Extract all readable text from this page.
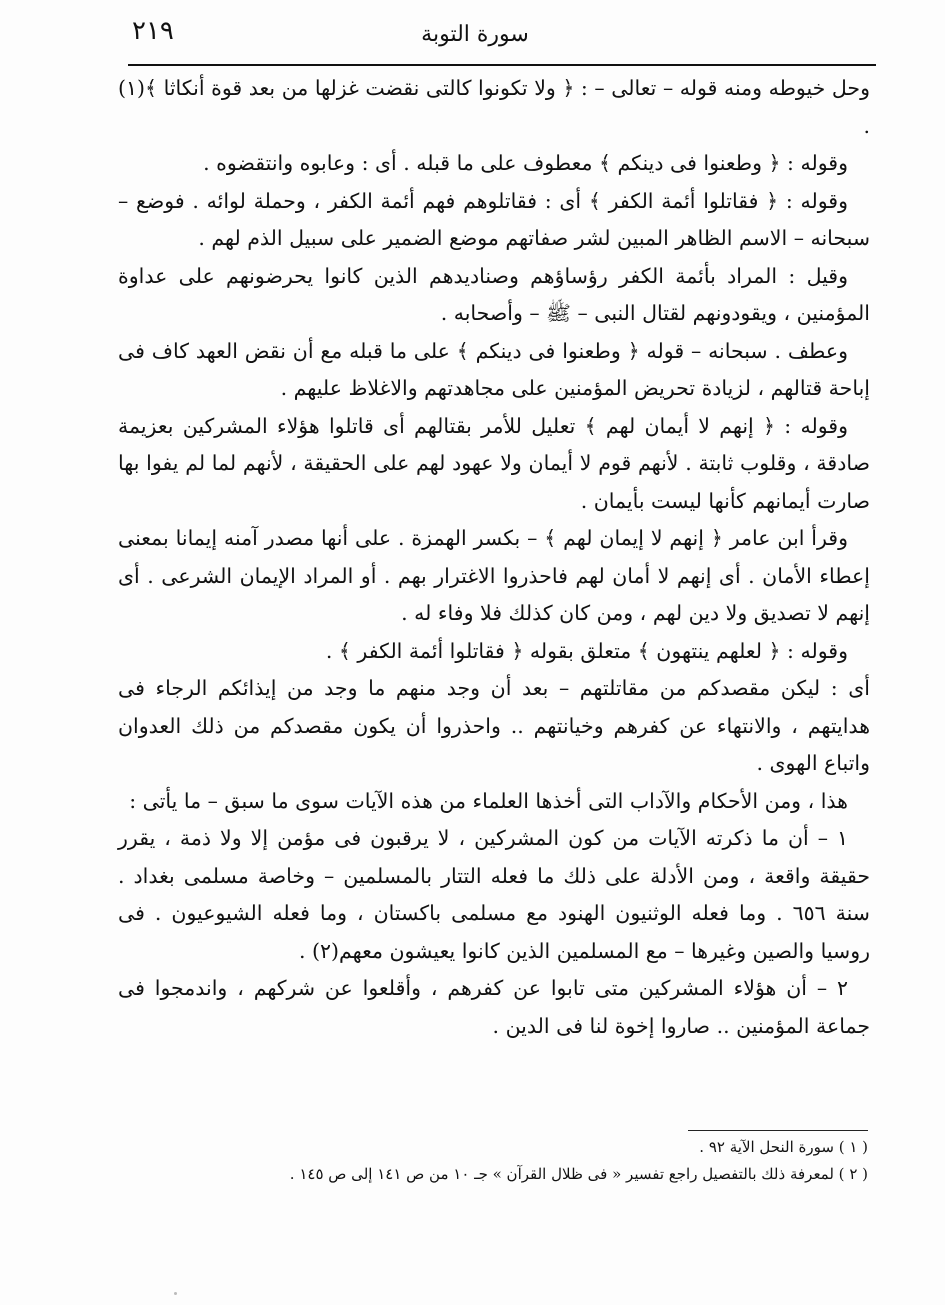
٢١٩	سورة التوبة

وحل خيوطه ومنه قوله – تعالى – : ﴿ ولا تكونوا كالتى نقضت غزلها من بعد قوة أنكاثا ﴾(١) .

وقوله : ﴿ وطعنوا فى دينكم ﴾ معطوف على ما قبله . أى : وعابوه وانتقضوه .

وقوله : ﴿ فقاتلوا أئمة الكفر ﴾ أى : فقاتلوهم فهم أئمة الكفر ، وحملة لوائه . فوضع – سبحانه – الاسم الظاهر المبين لشر صفاتهم موضع الضمير على سبيل الذم لهم .

وقيل : المراد بأئمة الكفر رؤساؤهم وصناديدهم الذين كانوا يحرضونهم على عداوة المؤمنين ، ويقودونهم لقتال النبى – ﷺ – وأصحابه .

وعطف . سبحانه – قوله ﴿ وطعنوا فى دينكم ﴾ على ما قبله مع أن نقض العهد كاف فى إباحة قتالهم ، لزيادة تحريض المؤمنين على مجاهدتهم والاغلاظ عليهم .

وقوله : ﴿ إنهم لا أيمان لهم ﴾ تعليل للأمر بقتالهم أى قاتلوا هؤلاء المشركين بعزيمة صادقة ، وقلوب ثابتة . لأنهم قوم لا أيمان ولا عهود لهم على الحقيقة ، لأنهم لما لم يفوا بها صارت أيمانهم كأنها ليست بأيمان .

وقرأ ابن عامر ﴿ إنهم لا إيمان لهم ﴾ – بكسر الهمزة . على أنها مصدر آمنه إيمانا بمعنى إعطاء الأمان . أى إنهم لا أمان لهم فاحذروا الاغترار بهم . أو المراد الإيمان الشرعى . أى إنهم لا تصديق ولا دين لهم ، ومن كان كذلك فلا وفاء له .

وقوله : ﴿ لعلهم ينتهون ﴾ متعلق بقوله ﴿ فقاتلوا أئمة الكفر ﴾ .

أى : ليكن مقصدكم من مقاتلتهم – بعد أن وجد منهم ما وجد من إيذائكم الرجاء فى هدايتهم ، والانتهاء عن كفرهم وخيانتهم .. واحذروا أن يكون مقصدكم من ذلك العدوان واتباع الهوى .

هذا ، ومن الأحكام والآداب التى أخذها العلماء من هذه الآيات سوى ما سبق – ما يأتى :

١ – أن ما ذكرته الآيات من كون المشركين ، لا يرقبون فى مؤمن إلا ولا ذمة ، يقرر حقيقة واقعة ، ومن الأدلة على ذلك ما فعله التتار بالمسلمين – وخاصة مسلمى بغداد . سنة ٦٥٦ . وما فعله الوثنيون الهنود مع مسلمى باكستان ، وما فعله الشيوعيون . فى روسيا والصين وغيرها – مع المسلمين الذين كانوا يعيشون معهم(٢) .

٢ – أن هؤلاء المشركين متى تابوا عن كفرهم ، وأقلعوا عن شركهم ، واندمجوا فى جماعة المؤمنين .. صاروا إخوة لنا فى الدين .

( ١ ) سورة النحل الآية ٩٢ .

( ٢ ) لمعرفة ذلك بالتفصيل راجع تفسير « فى ظلال القرآن » جـ ١٠ من ص ١٤١ إلى ص ١٤٥ .
